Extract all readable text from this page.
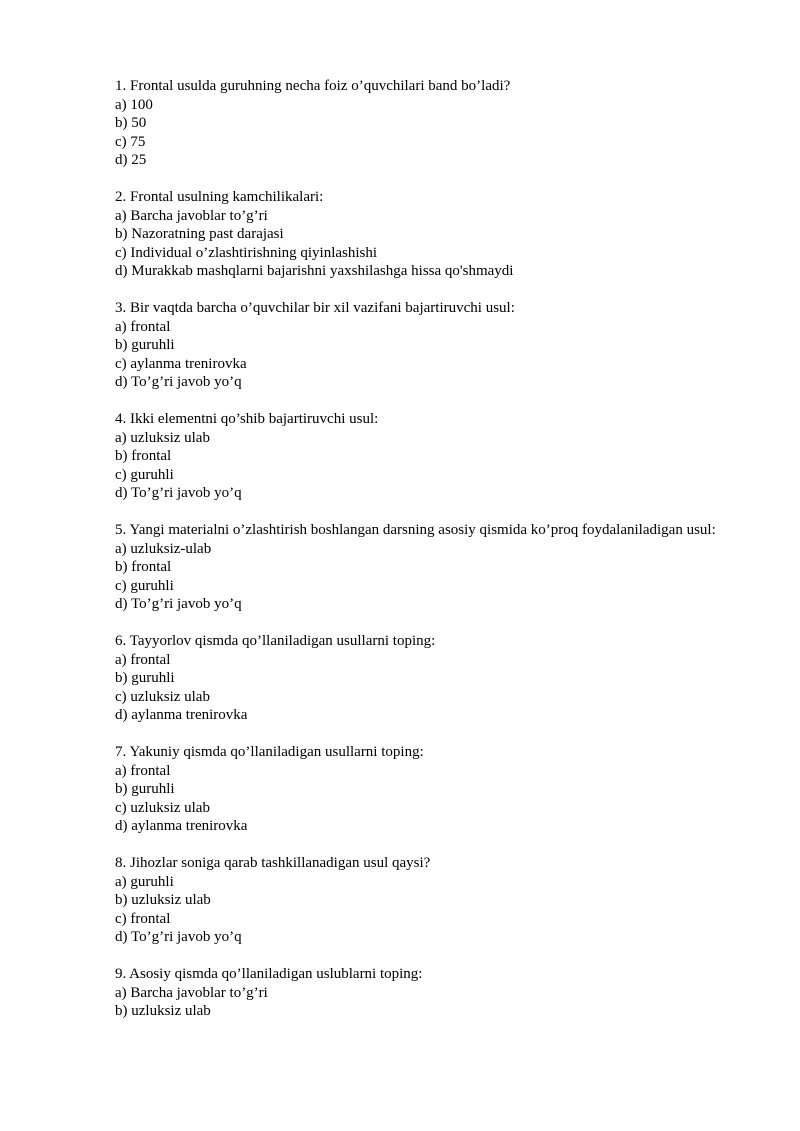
1. Frontal usulda guruhning necha foiz o’quvchilari band bo’ladi?
a) 100
b) 50
c) 75
d) 25
2. Frontal usulning kamchilikalari:
a) Barcha javoblar to’g’ri
b) Nazoratning past darajasi
c) Individual o’zlashtirishning qiyinlashishi
d) Murakkab mashqlarni bajarishni yaxshilashga hissa qo'shmaydi
3. Bir vaqtda barcha o’quvchilar bir xil vazifani bajartiruvchi usul:
a) frontal
b) guruhli
c) aylanma trenirovka
d) To’g’ri javob yo’q
4. Ikki elementni qo’shib bajartiruvchi usul:
a) uzluksiz ulab
b) frontal
c) guruhli
d) To’g’ri javob yo’q
5. Yangi materialni o’zlashtirish boshlangan darsning asosiy qismida ko’proq foydalaniladigan usul:
a) uzluksiz-ulab
b) frontal
c) guruhli
d) To’g’ri javob yo’q
6. Tayyorlov qismda qo’llaniladigan usullarni toping:
a) frontal
b) guruhli
c) uzluksiz ulab
d) aylanma trenirovka
7. Yakuniy qismda qo’llaniladigan usullarni toping:
a) frontal
b) guruhli
c) uzluksiz ulab
d) aylanma trenirovka
8. Jihozlar soniga qarab tashkillanadigan usul qaysi?
a) guruhli
b) uzluksiz ulab
c) frontal
d) To’g’ri javob yo’q
9. Asosiy qismda qo’llaniladigan uslublarni toping:
a) Barcha javoblar to’g’ri
b) uzluksiz ulab
